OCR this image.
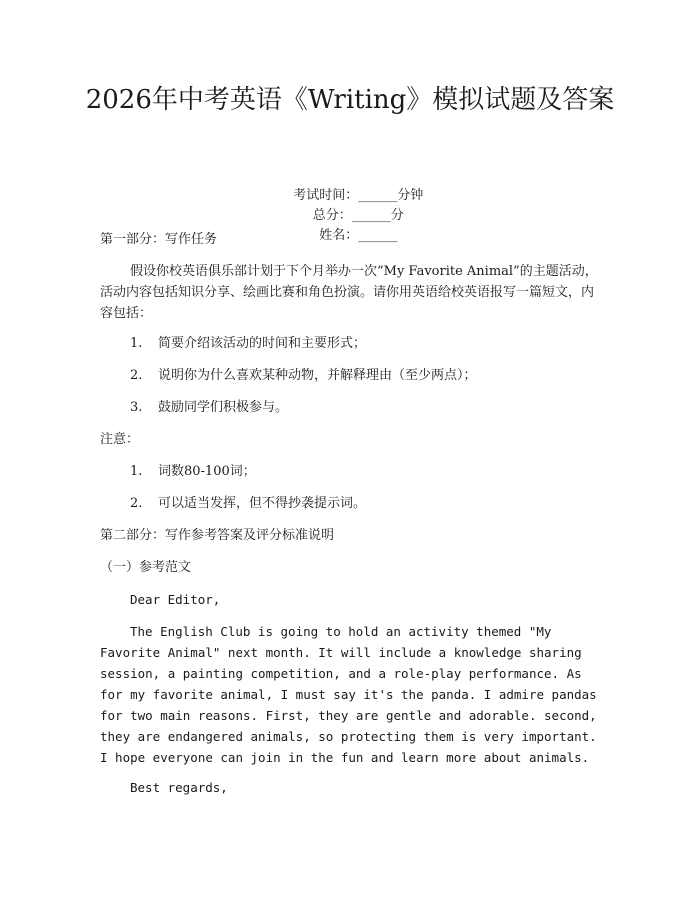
2026年中考英语《Writing》模拟试题及答案

考试时间：______分钟
总分：______分
姓名：______

第一部分：写作任务
假设你校英语俱乐部计划于下个月举办一次“My Favorite Animal”的主题活动，活动内容包括知识分享、绘画比赛和角色扮演。请你用英语给校英语报写一篇短文，内容包括：
1. 简要介绍该活动的时间和主要形式；
2. 说明你为什么喜欢某种动物，并解释理由（至少两点）；
3. 鼓励同学们积极参与。
注意：
1. 词数80-100词；
2. 可以适当发挥，但不得抄袭提示词。
第二部分：写作参考答案及评分标准说明
（一）参考范文
Dear Editor,
The English Club is going to hold an activity themed "My Favorite Animal" next month. It will include a knowledge sharing session, a painting competition, and a role-play performance. As for my favorite animal, I must say it's the panda. I admire pandas for two main reasons. First, they are gentle and adorable. second, they are endangered animals, so protecting them is very important. I hope everyone can join in the fun and learn more about animals.
Best regards,
